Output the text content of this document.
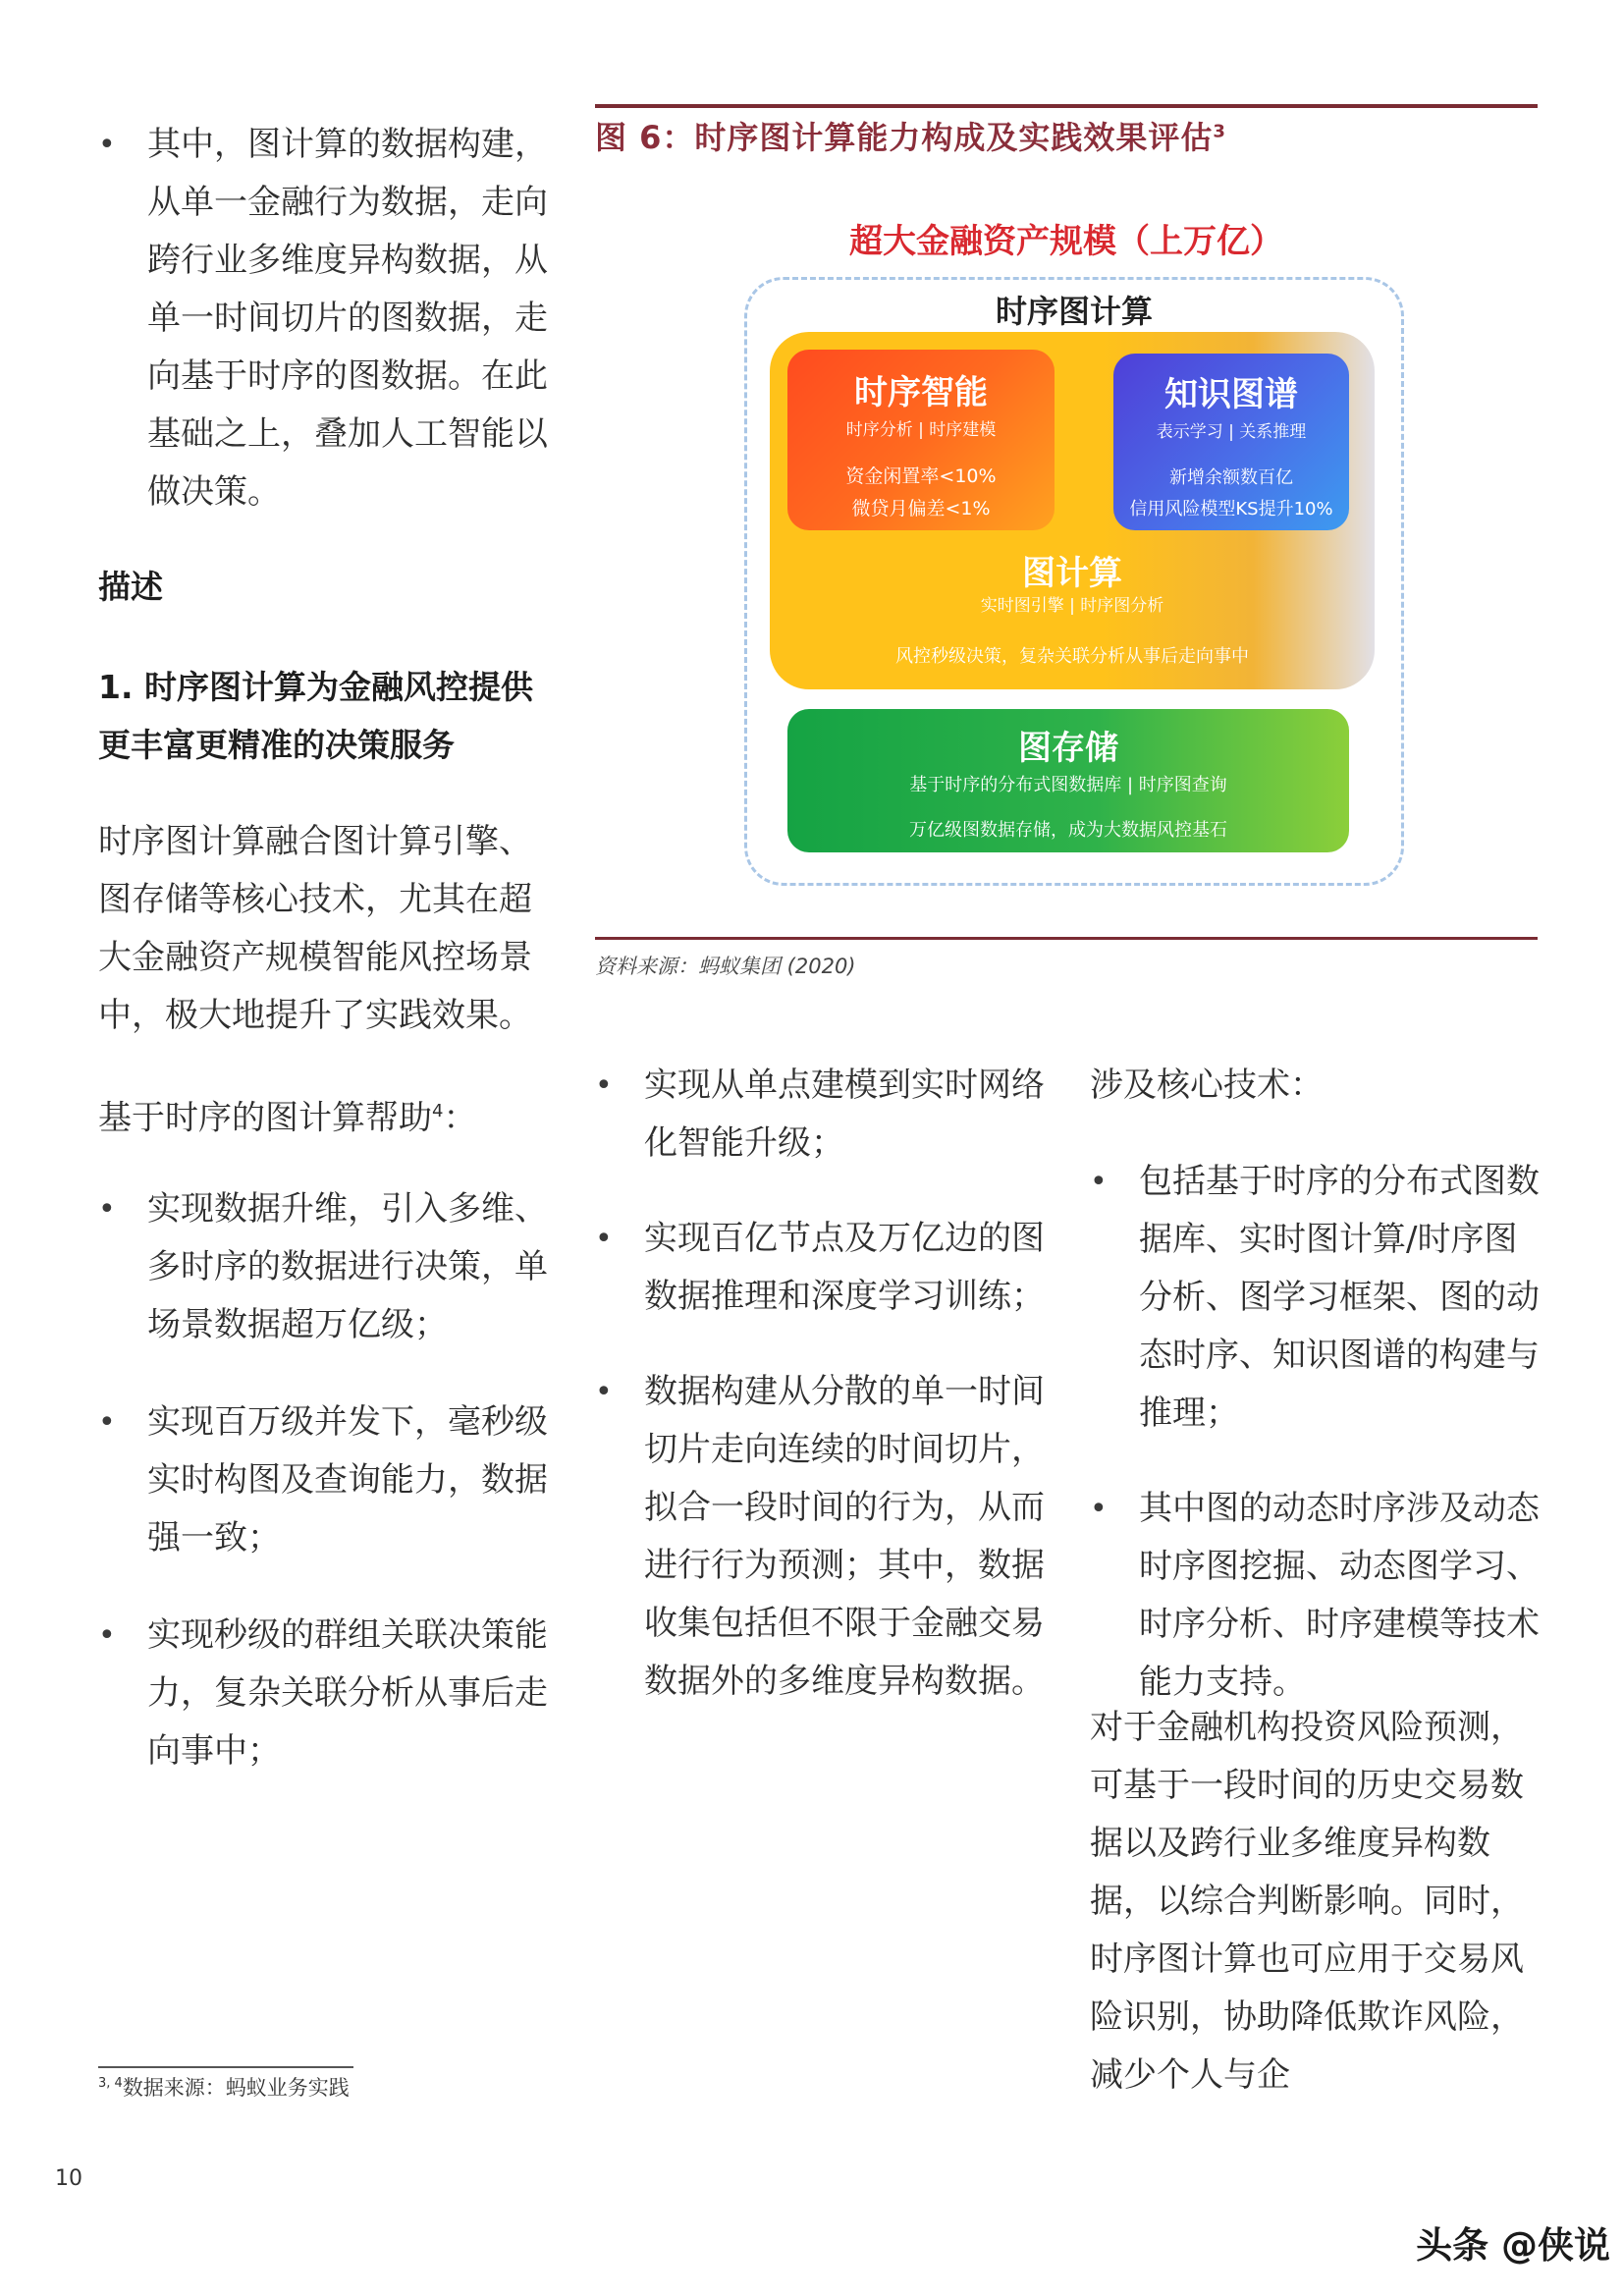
• 其中，图计算的数据构建，从单一金融行为数据，走向跨行业多维度异构数据，从单一时间切片的图数据，走向基于时序的图数据。在此基础之上，叠加人工智能以做决策。
描述
1. 时序图计算为金融风控提供更丰富更精准的决策服务
时序图计算融合图计算引擎、图存储等核心技术，尤其在超大金融资产规模智能风控场景中，极大地提升了实践效果。
基于时序的图计算帮助$^4$：
• 实现数据升维，引入多维、多时序的数据进行决策，单场景数据超万亿级；
• 实现百万级并发下，毫秒级实时构图及查询能力，数据强一致；
• 实现秒级的群组关联决策能力，复杂关联分析从事后走向事中；
图 6：时序图计算能力构成及实践效果评估$^3$
超大金融资产规模（上万亿）
时序图计算
时序智能
时序分析 | 时序建模
资金闲置率<10%
微贷月偏差<1%
知识图谱
表示学习 | 关系推理
新增余额数百亿
信用风险模型KS提升10%
图计算
实时图引擎 | 时序图分析
风控秒级决策，复杂关联分析从事后走向事中
图存储
基于时序的分布式图数据库 | 时序图查询
万亿级图数据存储，成为大数据风控基石
资料来源：蚂蚁集团 (2020)
• 实现从单点建模到实时网络化智能升级；
• 实现百亿节点及万亿边的图数据推理和深度学习训练；
• 数据构建从分散的单一时间切片走向连续的时间切片，拟合一段时间的行为，从而进行行为预测；其中，数据收集包括但不限于金融交易数据外的多维度异构数据。
涉及核心技术：
• 包括基于时序的分布式图数据库、实时图计算/时序图分析、图学习框架、图的动态时序、知识图谱的构建与推理；
• 其中图的动态时序涉及动态时序图挖掘、动态图学习、时序分析、时序建模等技术能力支持。
对于金融机构投资风险预测，可基于一段时间的历史交易数据以及跨行业多维度异构数据，以综合判断影响。同时，时序图计算也可应用于交易风险识别，协助降低欺诈风险，减少个人与企
$^{3, 4}$数据来源：蚂蚁业务实践
10
头条 @侠说
